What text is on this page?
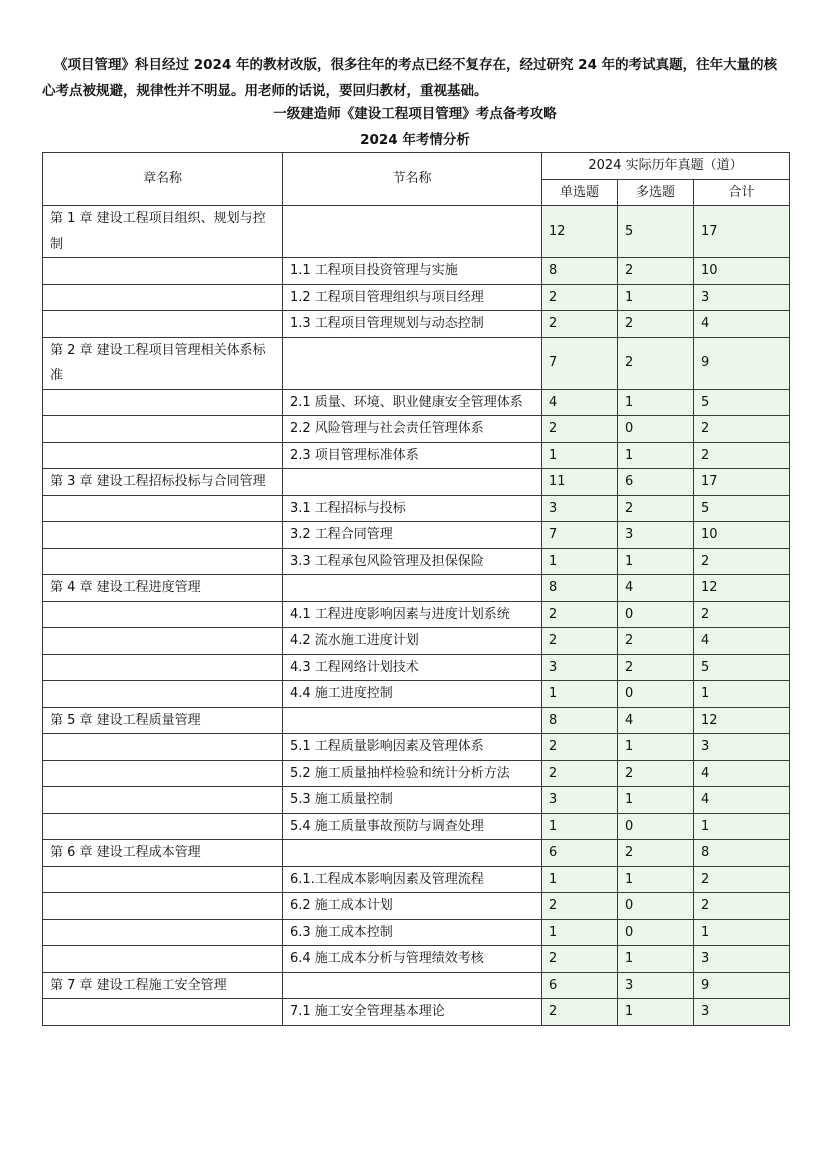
《项目管理》科目经过 2024 年的教材改版，很多往年的考点已经不复存在，经过研究 24 年的考试真题，往年大量的核心考点被规避，规律性并不明显。用老师的话说，要回归教材，重视基础。

一级建造师《建设工程项目管理》考点备考攻略
2024 年考情分析
章名称	节名称	2024 实际历年真题（道）		
		单选题	多选题	合计
第 1 章 建设工程项目组织、规划与控制		12	5	17
	1.1 工程项目投资管理与实施	8	2	10
	1.2 工程项目管理组织与项目经理	2	1	3
	1.3 工程项目管理规划与动态控制	2	2	4
第 2 章 建设工程项目管理相关体系标准		7	2	9
	2.1 质量、环境、职业健康安全管理体系	4	1	5
	2.2 风险管理与社会责任管理体系	2	0	2
	2.3 项目管理标准体系	1	1	2
第 3 章 建设工程招标投标与合同管理		11	6	17
	3.1 工程招标与投标	3	2	5
	3.2 工程合同管理	7	3	10
	3.3 工程承包风险管理及担保保险	1	1	2
第 4 章 建设工程进度管理		8	4	12
	4.1 工程进度影响因素与进度计划系统	2	0	2
	4.2 流水施工进度计划	2	2	4
	4.3 工程网络计划技术	3	2	5
	4.4 施工进度控制	1	0	1
第 5 章 建设工程质量管理		8	4	12
	5.1 工程质量影响因素及管理体系	2	1	3
	5.2 施工质量抽样检验和统计分析方法	2	2	4
	5.3 施工质量控制	3	1	4
	5.4 施工质量事故预防与调查处理	1	0	1
第 6 章 建设工程成本管理		6	2	8
	6.1.工程成本影响因素及管理流程	1	1	2
	6.2 施工成本计划	2	0	2
	6.3 施工成本控制	1	0	1
	6.4 施工成本分析与管理绩效考核	2	1	3
第 7 章 建设工程施工安全管理		6	3	9
	7.1 施工安全管理基本理论	2	1	3
